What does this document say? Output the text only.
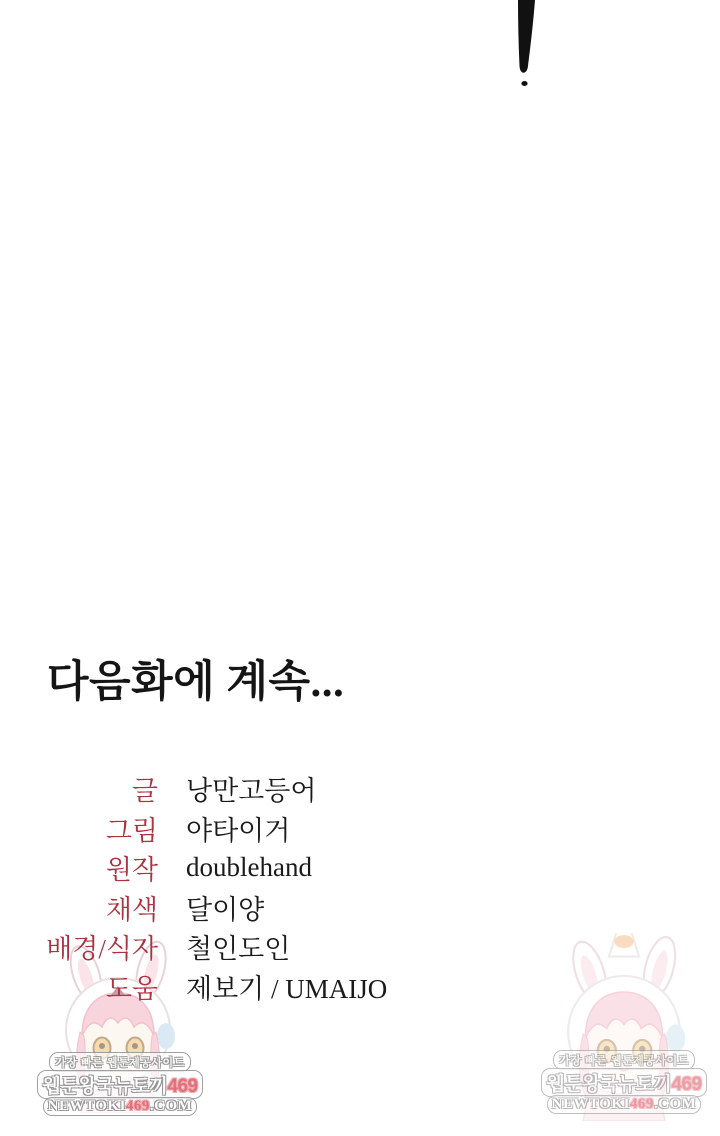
다음화에 계속...
글	낭만고등어
그림	야타이거
원작	doublehand
채색	달이양
배경/식자	철인도인
도움	제보기 / UMAIJO
가장 빠른 웹툰제공사이트
웹툰왕국뉴토끼469
NEWTOKI469.COM
가장 빠른 웹툰제공사이트
웹툰왕국뉴토끼469
NEWTOKI469.COM
